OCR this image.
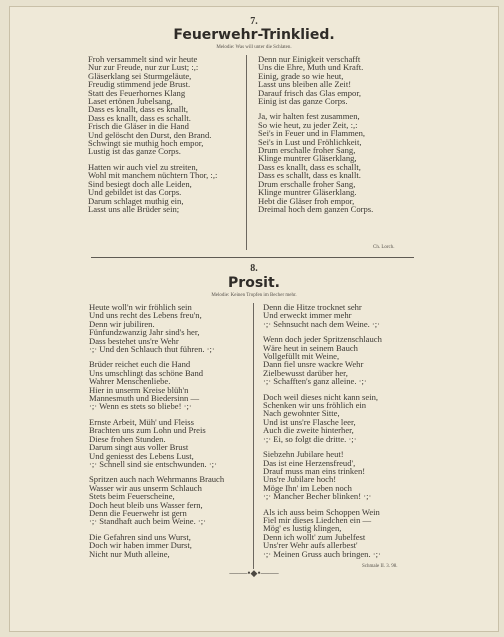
7.
Feuerwehr-Trinklied.
Melodie: Was will unter die Schlaten.
Froh versammelt sind wir heute
Nur zur Freude, nur zur Lust; :,:
Gläserklang sei Sturmgeläute,
Freudig stimmend jede Brust.
Statt des Feuerhornes Klang
Laset ertönen Jubelsang,
Dass es knallt, dass es knallt,
Dass es knallt, dass es schallt.
Frisch die Gläser in die Hand
Und gelöscht den Durst, den Brand.
Schwingt sie muthig hoch empor,
Lustig ist das ganze Corps.
Hatten wir auch viel zu streiten,
Wohl mit manchem nüchtern Thor, :,:
Sind besiegt doch alle Leiden,
Und gebildet ist das Corps.
Darum schlaget muthig ein,
Lasst uns alle Brüder sein;
Denn nur Einigkeit verschafft
Uns die Ehre, Muth und Kraft.
Einig, grade so wie heut,
Lasst uns bleiben alle Zeit!
Darauf frisch das Glas empor,
Einig ist das ganze Corps.
Ja, wir halten fest zusammen,
So wie heut, zu jeder Zeit, :,:
Sei's in Feuer und in Flammen,
Sei's in Lust und Fröhlichkeit,
Drum erschalle froher Sang,
Klinge muntrer Gläserklang,
Dass es knallt, dass es schallt,
Dass es schallt, dass es knallt.
Drum erschalle froher Sang,
Klinge muntrer Gläserklang.
Hebt die Gläser froh empor,
Dreimal hoch dem ganzen Corps.
Ch. Lorch.
8.
Prosit.
Melodie: Keinen Tropfen im Becher mehr.
Heute woll'n wir fröhlich sein
Und uns recht des Lebens freu'n,
Denn wir jubiliren.
Fünfundzwanzig Jahr sind's her,
Dass bestehet uns're Wehr
·;· Und den Schlauch thut führen. ·;·
Brüder reichet euch die Hand
Uns umschlingt das schöne Band
Wahrer Menschenliebe.
Hier in unserm Kreise blüh'n
Mannesmuth und Biedersinn —
·;· Wenn es stets so bliebe! ·;·
Ernste Arbeit, Müh' und Fleiss
Brachten uns zum Lohn und Preis
Diese frohen Stunden.
Darum singt aus voller Brust
Und geniesst des Lebens Lust,
·;· Schnell sind sie entschwunden. ·;·
Spritzen auch nach Wehrmanns Brauch
Wasser wir aus unserm Schlauch
Stets beim Feuerscheine,
Doch heut bleib uns Wasser fern,
Denn die Feuerwehr ist gern
·;· Standhaft auch beim Weine. ·;·
Die Gefahren sind uns Wurst,
Doch wir haben immer Durst,
Nicht nur Muth alleine,
Denn die Hitze trocknet sehr
Und erweckt immer mehr
·;· Sehnsucht nach dem Weine. ·;·
Wenn doch jeder Spritzenschlauch
Wäre heut in seinem Bauch
Vollgefüllt mit Weine,
Dann fiel unsre wackre Wehr
Zielbewusst darüber her,
·;· Schafften's ganz alleine. ·;·
Doch weil dieses nicht kann sein,
Schenken wir uns fröhlich ein
Nach gewohnter Sitte,
Und ist uns're Flasche leer,
Auch die zweite hinterher,
·;· Ei, so folgt die dritte. ·;·
Siebzehn Jubilare heut!
Das ist eine Herzensfreud',
Drauf muss man eins trinken!
Uns're Jubilare hoch!
Möge Ihn' im Leben noch
·;· Mancher Becher blinken! ·;·
Als ich auss beim Schoppen Wein
Fiel mir dieses Liedchen ein —
Mög' es lustig klingen,
Denn ich wollt' zum Jubelfest
Uns'rer Wehr aufs allerbest'
·;· Meinen Gruss auch bringen. ·;·
Schmale II. 3. 98.
——•◆•——
